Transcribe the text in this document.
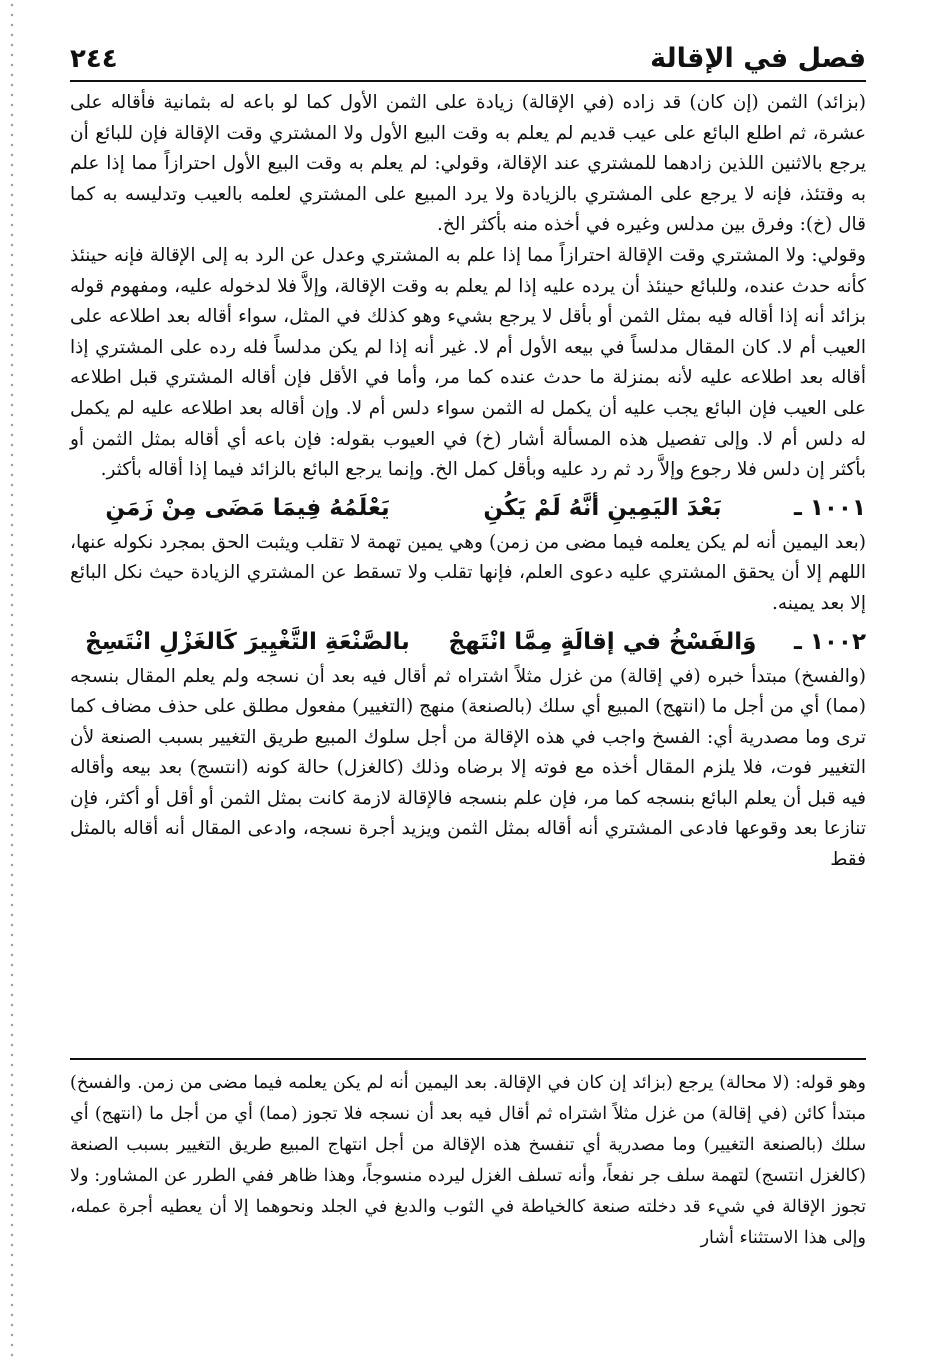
فصل في الإقالة
٢٤٤

(بزائد) الثمن (إن كان) قد زاده (في الإقالة) زيادة على الثمن الأول كما لو باعه له بثمانية فأقاله على عشرة، ثم اطلع البائع على عيب قديم لم يعلم به وقت البيع الأول ولا المشتري وقت الإقالة فإن للبائع أن يرجع بالاثنين اللذين زادهما للمشتري عند الإقالة، وقولي: لم يعلم به وقت البيع الأول احترازاً مما إذا علم به وقتئذ، فإنه لا يرجع على المشتري بالزيادة ولا يرد المبيع على المشتري لعلمه بالعيب وتدليسه به كما قال (خ): وفرق بين مدلس وغيره في أخذه منه بأكثر الخ.

وقولي: ولا المشتري وقت الإقالة احترازاً مما إذا علم به المشتري وعدل عن الرد به إلى الإقالة فإنه حينئذ كأنه حدث عنده، وللبائع حينئذ أن يرده عليه إذا لم يعلم به وقت الإقالة، وإلاَّ فلا لدخوله عليه، ومفهوم قوله بزائد أنه إذا أقاله فيه بمثل الثمن أو بأقل لا يرجع بشيء وهو كذلك في المثل، سواء أقاله بعد اطلاعه على العيب أم لا. كان المقال مدلساً في بيعه الأول أم لا. غير أنه إذا لم يكن مدلساً فله رده على المشتري إذا أقاله بعد اطلاعه عليه لأنه بمنزلة ما حدث عنده كما مر، وأما في الأقل فإن أقاله المشتري قبل اطلاعه على العيب فإن البائع يجب عليه أن يكمل له الثمن سواء دلس أم لا. وإن أقاله بعد اطلاعه عليه لم يكمل له دلس أم لا. وإلى تفصيل هذه المسألة أشار (خ) في العيوب بقوله: فإن باعه أي أقاله بمثل الثمن أو بأكثر إن دلس فلا رجوع وإلاَّ رد ثم رد عليه وبأقل كمل الخ. وإنما يرجع البائع بالزائد فيما إذا أقاله بأكثر.

١٠٠١ ـ
بَعْدَ اليَمِينِ أنَّهُ لَمْ يَكُنِ
يَعْلَمُهُ فِيمَا مَضَى مِنْ زَمَنِ

(بعد اليمين أنه لم يكن يعلمه فيما مضى من زمن) وهي يمين تهمة لا تقلب ويثبت الحق بمجرد نكوله عنها، اللهم إلا أن يحقق المشتري عليه دعوى العلم، فإنها تقلب ولا تسقط عن المشتري الزيادة حيث نكل البائع إلا بعد يمينه.

١٠٠٢ ـ
وَالفَسْخُ في إقالَةٍ مِمَّا انْتَهجْ
بالصَّنْعَةِ التَّغْيِيرَ كَالغَزْلِ انْتَسِجْ

(والفسخ) مبتدأ خبره (في إقالة) من غزل مثلاً اشتراه ثم أقال فيه بعد أن نسجه ولم يعلم المقال بنسجه (مما) أي من أجل ما (انتهج) المبيع أي سلك (بالصنعة) منهج (التغيير) مفعول مطلق على حذف مضاف كما ترى وما مصدرية أي: الفسخ واجب في هذه الإقالة من أجل سلوك المبيع طريق التغيير بسبب الصنعة لأن التغيير فوت، فلا يلزم المقال أخذه مع فوته إلا برضاه وذلك (كالغزل) حالة كونه (انتسج) بعد بيعه وأقاله فيه قبل أن يعلم البائع بنسجه كما مر، فإن علم بنسجه فالإقالة لازمة كانت بمثل الثمن أو أقل أو أكثر، فإن تنازعا بعد وقوعها فادعى المشتري أنه أقاله بمثل الثمن ويزيد أجرة نسجه، وادعى المقال أنه أقاله بالمثل فقط

وهو قوله: (لا محالة) يرجع (بزائد إن كان في الإقالة. بعد اليمين أنه لم يكن يعلمه فيما مضى من زمن. والفسخ) مبتدأ كائن (في إقالة) من غزل مثلاً اشتراه ثم أقال فيه بعد أن نسجه فلا تجوز (مما) أي من أجل ما (انتهج) أي سلك (بالصنعة التغيير) وما مصدرية أي تنفسخ هذه الإقالة من أجل انتهاج المبيع طريق التغيير بسبب الصنعة (كالغزل انتسج) لتهمة سلف جر نفعاً، وأنه تسلف الغزل ليرده منسوجاً، وهذا ظاهر ففي الطرر عن المشاور: ولا تجوز الإقالة في شيء قد دخلته صنعة كالخياطة في الثوب والدبغ في الجلد ونحوهما إلا أن يعطيه أجرة عمله، وإلى هذا الاستثناء أشار
